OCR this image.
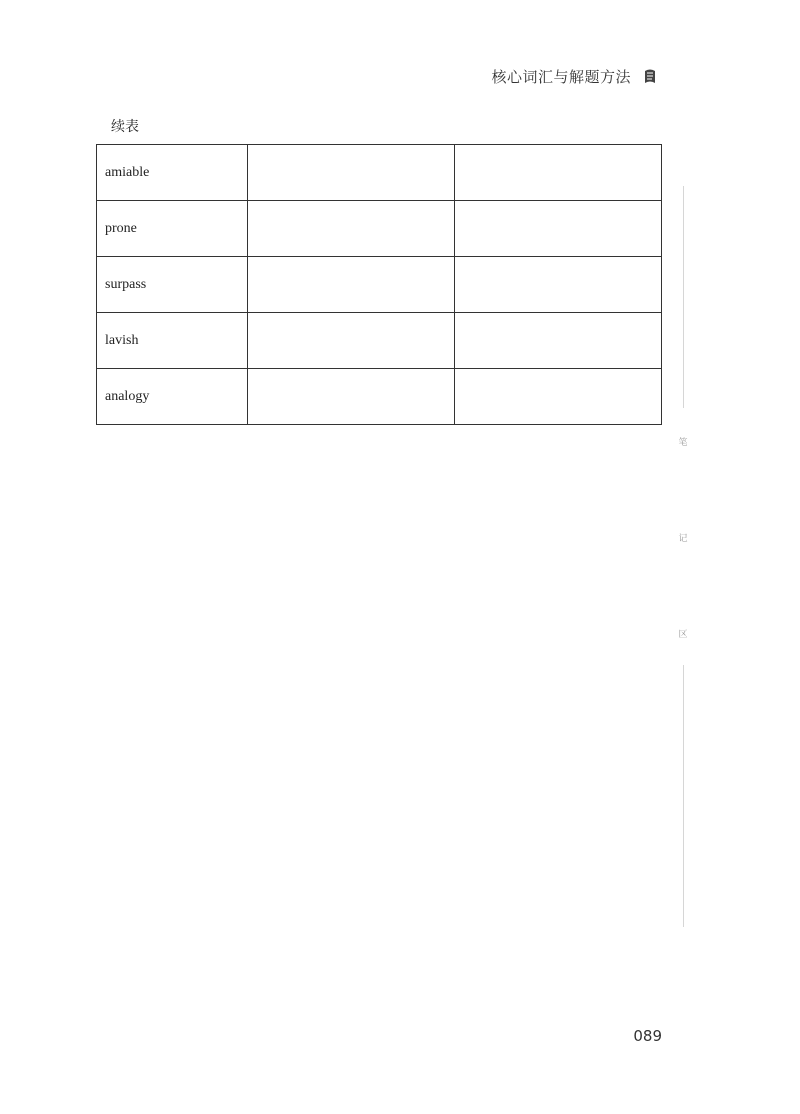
核心词汇与解题方法
续表
amiable		
prone		
surpass		
lavish		
analogy		
笔
记
区
089
